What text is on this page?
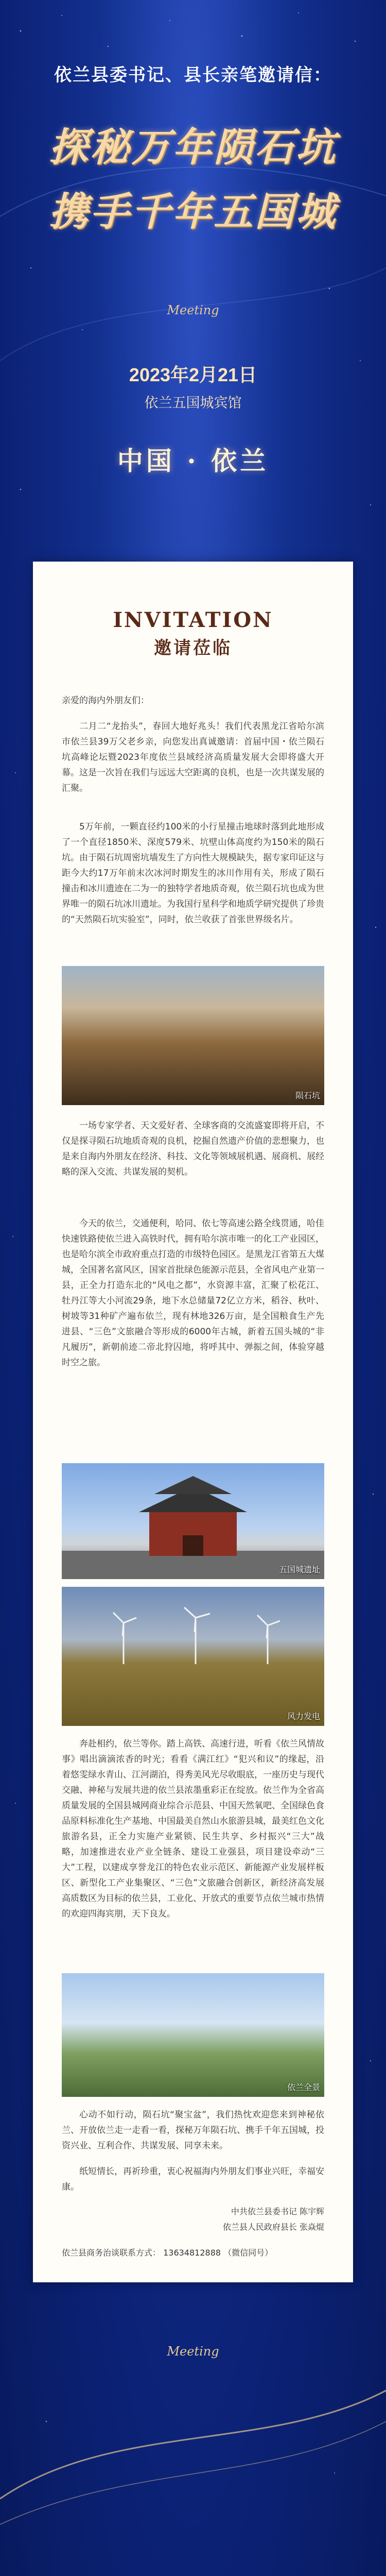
依兰县委书记、县长亲笔邀请信：
探秘万年陨石坑
携手千年五国城
Meeting
2023年2月21日
依兰五国城宾馆
中国 · 依兰
INVITATION
邀请莅临
亲爱的海内外朋友们：
二月二“龙抬头”，春回大地好兆头！我们代表黑龙江省哈尔滨市依兰县39万父老乡亲，向您发出真诚邀请：首届中国・依兰陨石坑高峰论坛暨2023年度依兰县域经济高质量发展大会即将盛大开幕。这是一次旨在我们与远远大空距离的良机，也是一次共谋发展的汇聚。
5万年前，一颗直径约100米的小行星撞击地球时落到此地形成了一个直径1850米、深度579米、坑壁山体高度约为150米的陨石坑。由于陨石坑周密坑墙发生了方向性大规模缺失，据专家印证这与距今大约17万年前末次冰河时期发生的冰川作用有关，形成了陨石撞击和冰川遗迹在二为一的独特学者地质奇观，依兰陨石坑也成为世界唯一的陨石坑冰川遗址。为我国行星科学和地质学研究提供了珍贵的“天然陨石坑实验室”，同时，依兰收获了首张世界级名片。
陨石坑
一场专家学者、天文爱好者、全球客商的交流盛宴即将开启，不仅是探寻陨石坑地质奇观的良机，挖掘自然遗产价值的悲想聚力，也是来自海内外朋友在经济、科技、文化等领域展机遇、展商机、展经略的深入交流、共谋发展的契机。
今天的依兰，交通便利，哈同、依七等高速公路全线贯通，哈佳快速铁路使依兰进入高铁时代，拥有哈尔滨市唯一的化工产业园区，也是哈尔滨全市政府重点打造的市级特色园区。是黑龙江省第五大煤城，全国著名富风区，国家首批绿色能源示范县，全省风电产业第一县，正全力打造东北的“风电之都”，水资源丰富，汇聚了松花江、牡丹江等大小河流29条，地下水总储量72亿立方米，稻谷、秋叶、树坡等31种矿产遍布依兰，现有林地326万亩，是全国粮食生产先进县、“三色”文旅融合等形成的6000年古城，新着五国头城的“非凡履历”，新朝前迹二帝北狩囚地，将呼其中、弹振之间，体验穿越时空之旅。
五国城遗址
风力发电
奔赴相约，依兰等你。踏上高铁、高速行进，听看《依兰风情故事》唱出滴滴浓香的时光；看看《满江红》“犯兴和议”的缘起，沿着悠雯绿水青山、江河湖泊，得秀美风光尽收眼底，一座历史与现代交融、神秘与发展共进的依兰县浓墨重彩正在绽放。依兰作为全省高质量发展的全国县城网商业综合示范县、中国天然氧吧、全国绿色食品原料标准化生产基地、中国最美自然山水旅游县城，最美红色文化旅游名县，正全力实施产业紧锁、民生共享、乡村振兴“三大”战略，加速推进农业产业全链条、建设工业强县，项目建设牵动“三大”工程，以建成享誉龙江的特色农业示范区、新能源产业发展样板区、新型化工产业集聚区、“三色”文旅融合创新区，新经济高发展高质数区为目标的依兰县，工业化、开放式的重要节点依兰城市热情的欢迎四海宾朋，天下良友。
依兰全景
心动不如行动，陨石坑“聚宝盆”，我们热忱欢迎您来到神秘依兰、开放依兰走一走看一看，探秘万年陨石坑、携手千年五国城，投资兴业、互利合作、共谋发展、同享未来。
纸短情长，再祈珍重，衷心祝福海内外朋友们事业兴旺，幸福安康。
中共依兰县委书记 陈宇辉
依兰县人民政府县长 张焱焜
依兰县商务治谈联系方式： 13634812888 （微信同号）
Meeting
